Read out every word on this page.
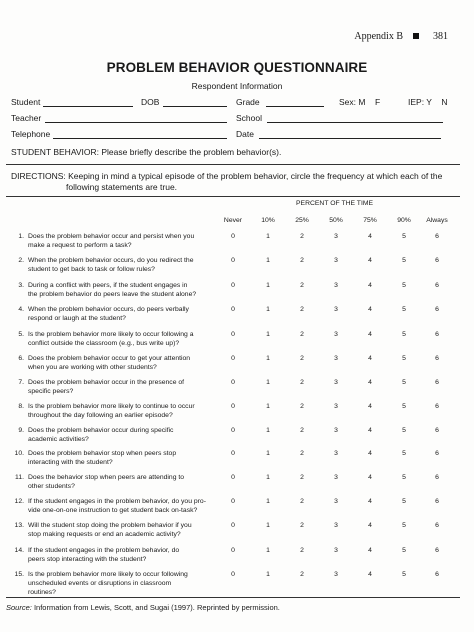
Appendix B	381
PROBLEM BEHAVIOR QUESTIONNAIRE
Respondent Information
Student	DOB	Grade	Sex: M F	IEP: Y N
Teacher	School
Telephone	Date
STUDENT BEHAVIOR: Please briefly describe the problem behavior(s).
DIRECTIONS: Keeping in mind a typical episode of the problem behavior, circle the frequency at which each of the
following statements are true.
PERCENT OF THE TIME
Never	10%	25%	50%	75%	90%	Always
1. Does the problem behavior occur and persist when you
make a request to perform a task?
0	1	2	3	4	5	6
2. When the problem behavior occurs, do you redirect the
student to get back to task or follow rules?
0	1	2	3	4	5	6
3. During a conflict with peers, if the student engages in
the problem behavior do peers leave the student alone?
0	1	2	3	4	5	6
4. When the problem behavior occurs, do peers verbally
respond or laugh at the student?
0	1	2	3	4	5	6
5. Is the problem behavior more likely to occur following a
conflict outside the classroom (e.g., bus write up)?
0	1	2	3	4	5	6
6. Does the problem behavior occur to get your attention
when you are working with other students?
0	1	2	3	4	5	6
7. Does the problem behavior occur in the presence of
specific peers?
0	1	2	3	4	5	6
8. Is the problem behavior more likely to continue to occur
throughout the day following an earlier episode?
0	1	2	3	4	5	6
9. Does the problem behavior occur during specific
academic activities?
0	1	2	3	4	5	6
10. Does the problem behavior stop when peers stop
interacting with the student?
0	1	2	3	4	5	6
11. Does the behavior stop when peers are attending to
other students?
0	1	2	3	4	5	6
12. If the student engages in the problem behavior, do you pro-
vide one-on-one instruction to get student back on-task?
0	1	2	3	4	5	6
13. Will the student stop doing the problem behavior if you
stop making requests or end an academic activity?
0	1	2	3	4	5	6
14. If the student engages in the problem behavior, do
peers stop interacting with the student?
0	1	2	3	4	5	6
15. Is the problem behavior more likely to occur following
unscheduled events or disruptions in classroom
routines?
0	1	2	3	4	5	6
Source: Information from Lewis, Scott, and Sugai (1997). Reprinted by permission.
